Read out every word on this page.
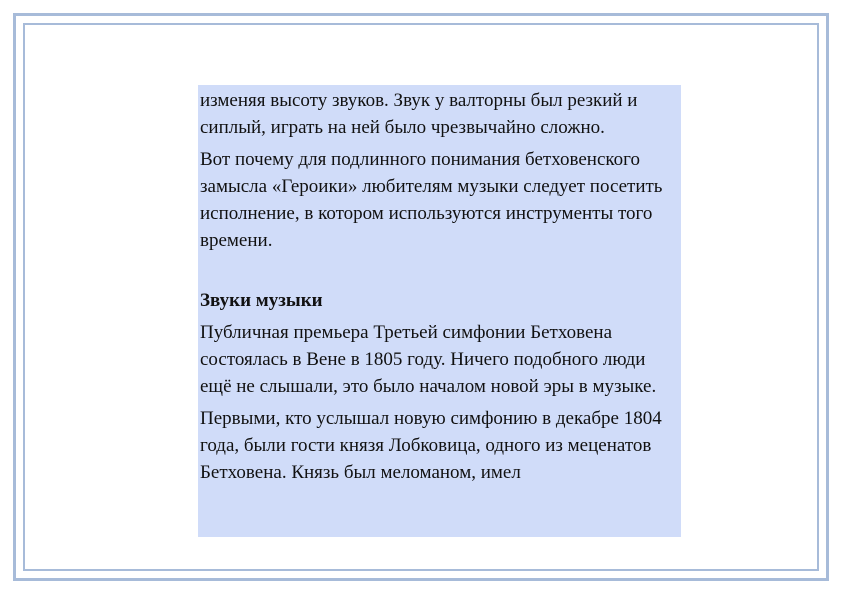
изменяя высоту звуков. Звук у валторны был резкий и сиплый, играть на ней было чрезвычайно сложно.

Вот почему для подлинного понимания бетховенского замысла «Героики» любителям музыки следует посетить исполнение, в котором используются инструменты того времени.

Звуки музыки

Публичная премьера Третьей симфонии Бетховена состоялась в Вене в 1805 году. Ничего подобного люди ещё не слышали, это было началом новой эры в музыке.

Первыми, кто услышал новую симфонию в декабре 1804 года, были гости князя Лобковица, одного из меценатов Бетховена. Князь был меломаном, имел
